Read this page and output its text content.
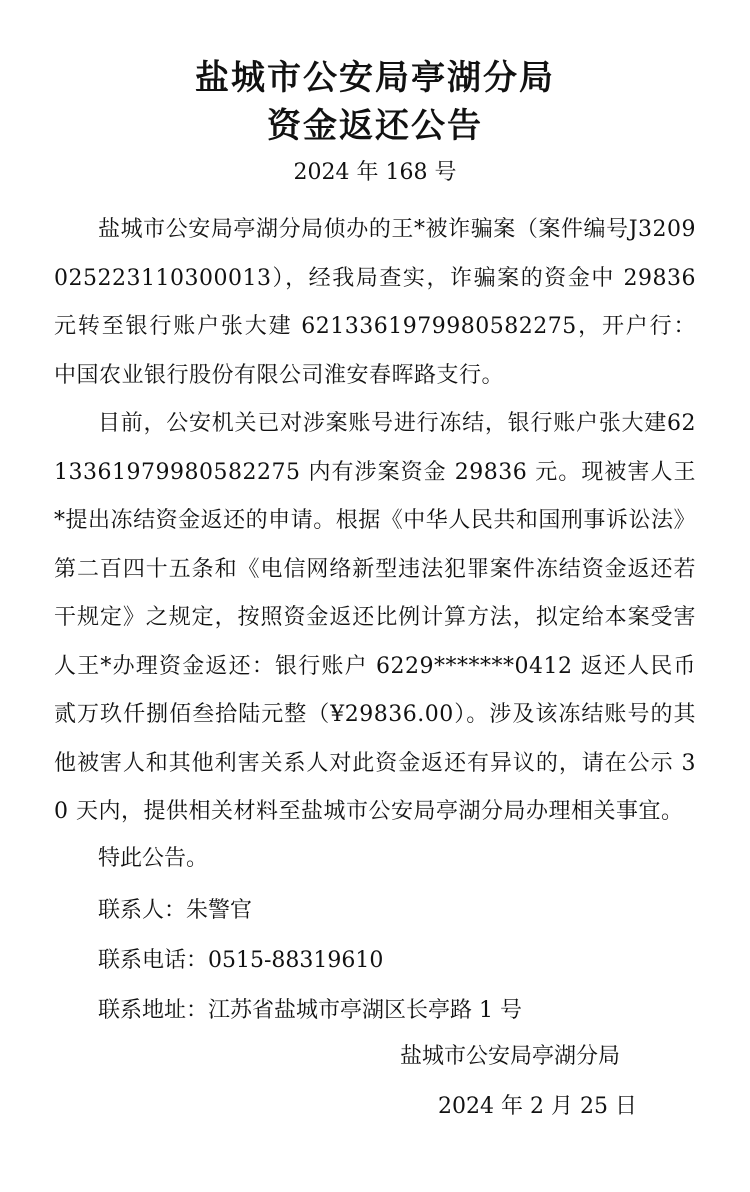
盐城市公安局亭湖分局
资金返还公告
2024 年 168 号

盐城市公安局亭湖分局侦办的王*被诈骗案（案件编号J3209025223110300013），经我局查实，诈骗案的资金中 29836 元转至银行账户张大建 6213361979980582275，开户行：中国农业银行股份有限公司淮安春晖路支行。

目前，公安机关已对涉案账号进行冻结，银行账户张大建6213361979980582275 内有涉案资金 29836 元。现被害人王*提出冻结资金返还的申请。根据《中华人民共和国刑事诉讼法》第二百四十五条和《电信网络新型违法犯罪案件冻结资金返还若干规定》之规定，按照资金返还比例计算方法，拟定给本案受害人王*办理资金返还：银行账户 6229*******0412 返还人民币贰万玖仟捌佰叁拾陆元整（¥29836.00）。涉及该冻结账号的其他被害人和其他利害关系人对此资金返还有异议的，请在公示 30 天内，提供相关材料至盐城市公安局亭湖分局办理相关事宜。

特此公告。
联系人：朱警官
联系电话：0515-88319610
联系地址：江苏省盐城市亭湖区长亭路 1 号
盐城市公安局亭湖分局
2024 年 2 月 25 日
